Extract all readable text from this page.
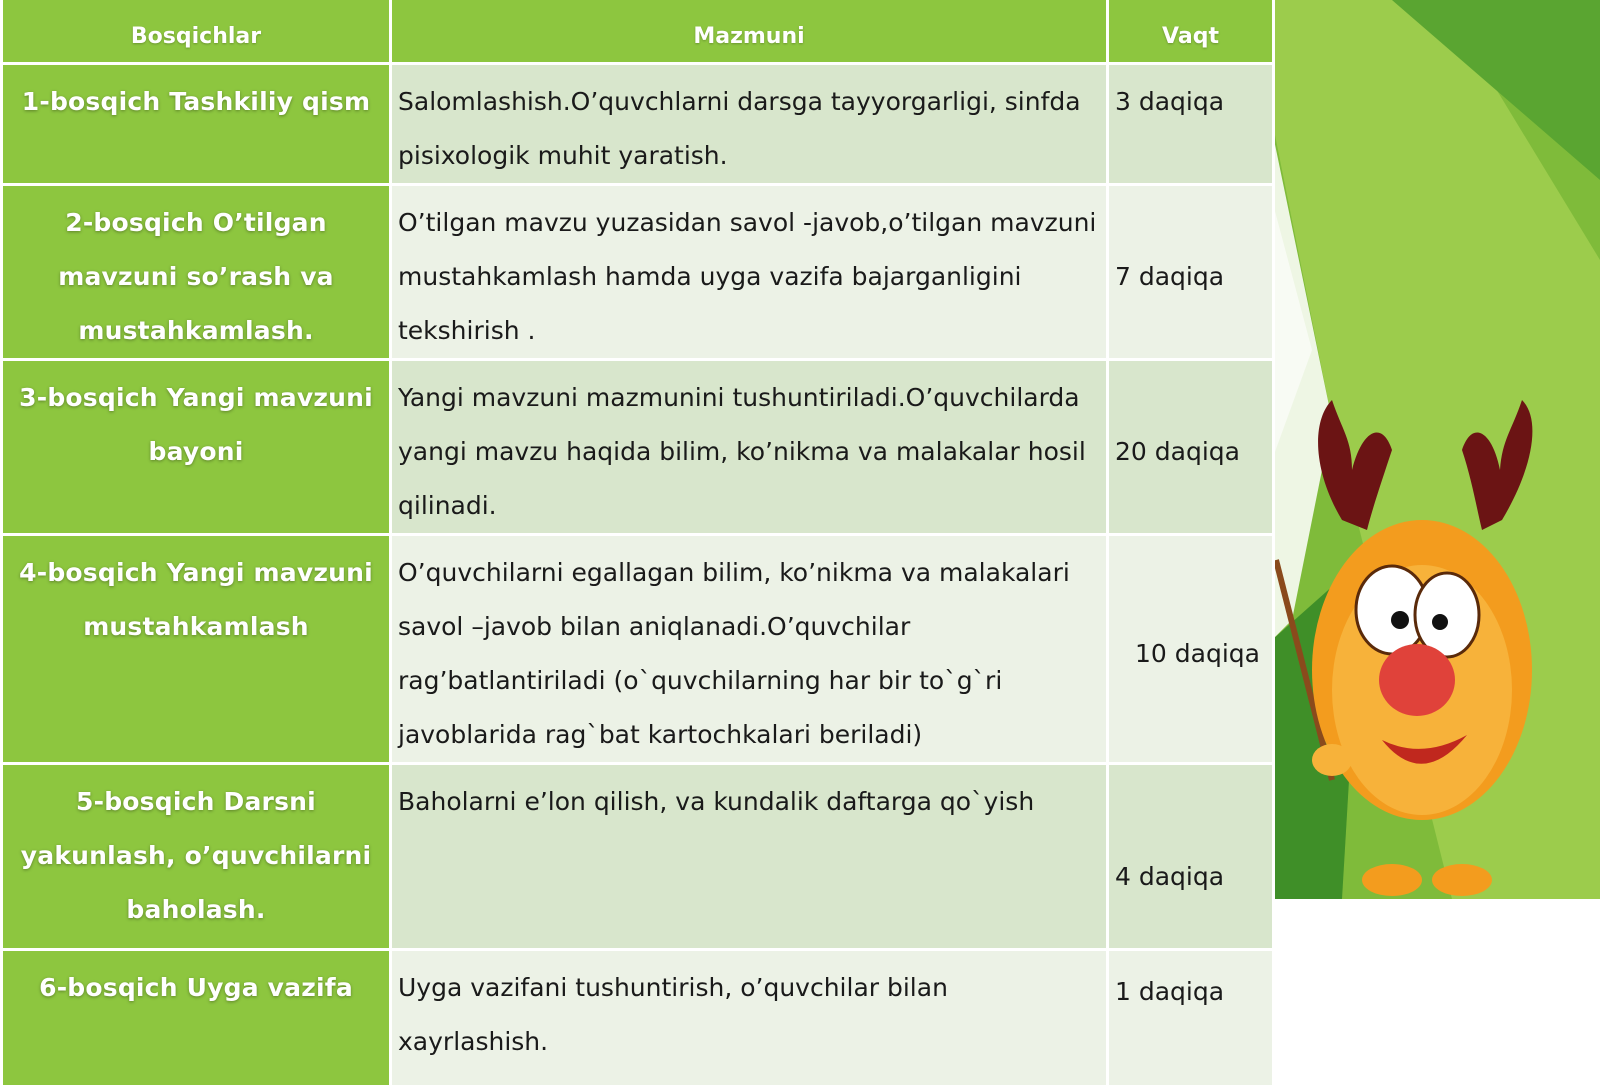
Bosqichlar	Mazmuni	Vaqt
1-bosqich Tashkiliy qism	Salomlashish.O’quvchlarni darsga tayyorgarligi, sinfda pisixologik muhit yaratish.	3 daqiqa
2-bosqich O’tilgan mavzuni so’rash va mustahkamlash.	O’tilgan mavzu yuzasidan savol -javob,o’tilgan mavzuni mustahkamlash hamda uyga vazifa bajarganligini tekshirish .	7 daqiqa
3-bosqich Yangi mavzuni bayoni	Yangi mavzuni mazmunini tushuntiriladi.O’quvchilarda yangi mavzu haqida bilim, ko’nikma va malakalar hosil qilinadi.	20 daqiqa
4-bosqich Yangi mavzuni mustahkamlash	O’quvchilarni egallagan bilim, ko’nikma va malakalari savol –javob bilan aniqlanadi.O’quvchilar rag’batlantiriladi (o`quvchilarning har bir to`g`ri javoblarida rag`bat kartochkalari beriladi)	10 daqiqa
5-bosqich Darsni yakunlash, o’quvchilarni baholash.	Baholarni e’lon qilish, va kundalik daftarga qo`yish	4 daqiqa
6-bosqich Uyga vazifa	Uyga vazifani tushuntirish, o’quvchilar bilan xayrlashish.	1 daqiqa
